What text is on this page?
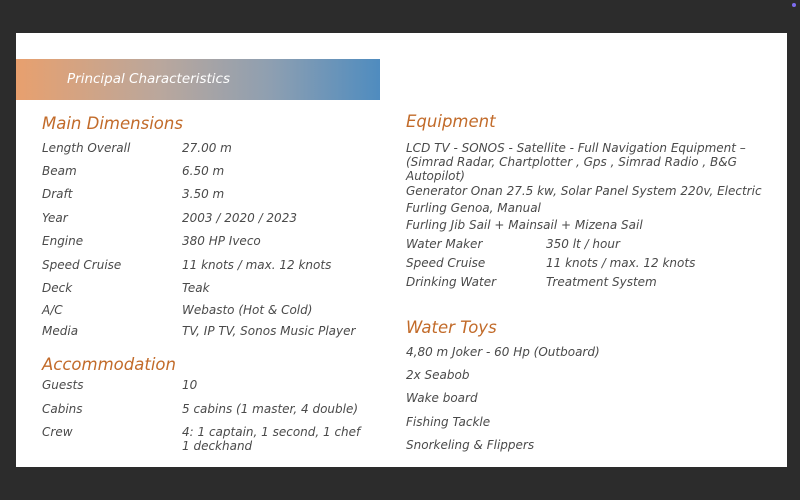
Principal Characteristics
Main Dimensions
Length Overall	27.00 m
Beam	6.50 m
Draft	3.50 m
Year	2003 / 2020 / 2023
Engine	380 HP Iveco
Speed Cruise	11 knots / max. 12 knots
Deck	Teak
A/C	Webasto (Hot & Cold)
Media	TV, IP TV, Sonos Music Player
Accommodation
Guests	10
Cabins	5 cabins (1 master, 4 double)
Crew	4: 1 captain, 1 second, 1 chef
1 deckhand
Equipment
LCD TV - SONOS - Satellite - Full Navigation Equipment –
(Simrad Radar, Chartplotter , Gps , Simrad Radio , B&G
Autopilot)
Generator Onan 27.5 kw, Solar Panel System 220v, Electric
Furling Genoa, Manual
Furling Jib Sail + Mainsail + Mizena Sail
Water Maker	350 lt / hour
Speed Cruise	11 knots / max. 12 knots
Drinking Water	Treatment System
Water Toys
4,80 m Joker - 60 Hp (Outboard)
2x Seabob
Wake board
Fishing Tackle
Snorkeling & Flippers
